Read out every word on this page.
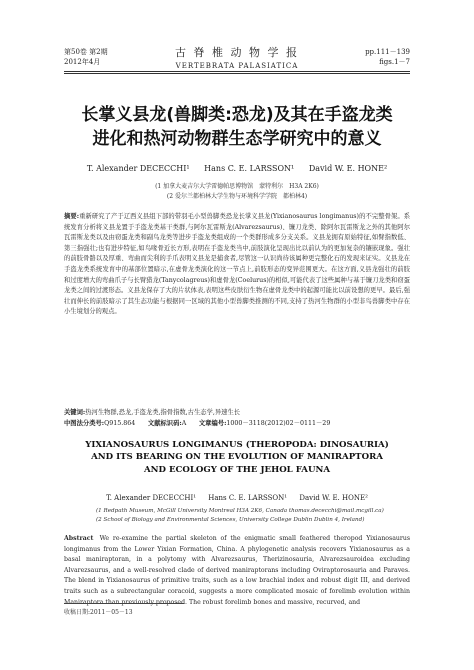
第50卷 第2期
2012年4月
古 脊 椎 动 物 学 报
VERTEBRATA PALASIATICA
pp.111－139
figs.1－7
长掌义县龙(兽脚类:恐龙)及其在手盗龙类
进化和热河动物群生态学研究中的意义
T. Alexander DECECCHI¹ Hans C. E. LARSSON¹ David W. E. HONE²
(1 加拿大麦吉尔大学雷德帕思博物馆　蒙特利尔　H3A 2K6)
(2 爱尔兰都柏林大学生物与环境科学学院　都柏林4)
摘要:重新研究了产于辽西义县组下部的带羽毛小型兽脚类恐龙长掌义县龙(Yixianosaurus longimanus)的不完整骨架。系统发育分析将义县龙置于手盗龙类基干类群,与阿尔瓦雷斯龙(Alvarezsaurus)、镰刀龙类、除阿尔瓦雷斯龙之外的其他阿尔瓦雷斯龙类以及由窃蛋龙类和副鸟龙类等进步手盗龙类组成的一个类群形成多分支关系。义县龙拥有原始特征,如臂指数低、第三指强壮;也有进步特征,如鸟喙骨近长方形,表明在手盗龙类当中,前肢演化呈现出比以前认为的更加复杂的镶嵌现象。强壮的前肢骨骼以及厚重、弯曲而尖利的手爪表明义县龙是捕食者,尽管这一认识尚待该属种更完整化石的发现来证实。义县龙在手盗龙类系统发育中的基部位置暗示,在虚骨龙类演化的这一节点上,前肢形态的变异范围更大。在这方面,义县龙强壮的前肢和过度增大的弯曲爪子与长臂猎龙(Tanycolagreus)和虚骨龙(Coelurus)的相似,可能代表了这些属种与基于镰刀龙类和窃蛋龙类之间的过渡形态。义县龙保存了大的片状体表,表明这些皮肤衍生物在虚骨龙类中的起源可能比以前设想的更早。最后,强壮而伸长的前肢暗示了其生态功能与根据同一区域的其他小型兽脚类推测的不同,支持了热河生物群的小型非鸟兽脚类中存在小生境划分的观点。
关键词:热河生物群,恐龙,手盗龙类,指骨指数,古生态学,异速生长
中图法分类号:Q915.864   文献标识码:A   文章编号:1000－3118(2012)02－0111－29
YIXIANOSAURUS LONGIMANUS (THEROPODA: DINOSAURIA)
AND ITS BEARING ON THE EVOLUTION OF MANIRAPTORA
AND ECOLOGY OF THE JEHOL FAUNA
T. Alexander DECECCHI¹ Hans C. E. LARSSON¹ David W. E. HONE²
(1 Redpath Museum, McGill University Montreal H3A 2K6, Canada thomas.dececchi@mail.mcgill.ca)
(2 School of Biology and Environmental Sciences, University College Dublin Dublin 4, Ireland)
Abstract  We re-examine the partial skeleton of the enigmatic small feathered theropod Yixianosaurus longimanus from the Lower Yixian Formation, China. A phylogenetic analysis recovers Yixianosaurus as a basal maniraptoran, in a polytomy with Alvarezsaurus, Therizinosauria, Alvarezsauroidea excluding Alvarezsaurus, and a well-resolved clade of derived maniraptorans including Oviraptorosauria and Paraves. The blend in Yixianosaurus of primitive traits, such as a low brachial index and robust digit III, and derived traits such as a subrectangular coracoid, suggests a more complicated mosaic of forelimb evolution within Maniraptora than previously proposed. The robust forelimb bones and massive, recurved, and
收稿日期:2011－05－13
